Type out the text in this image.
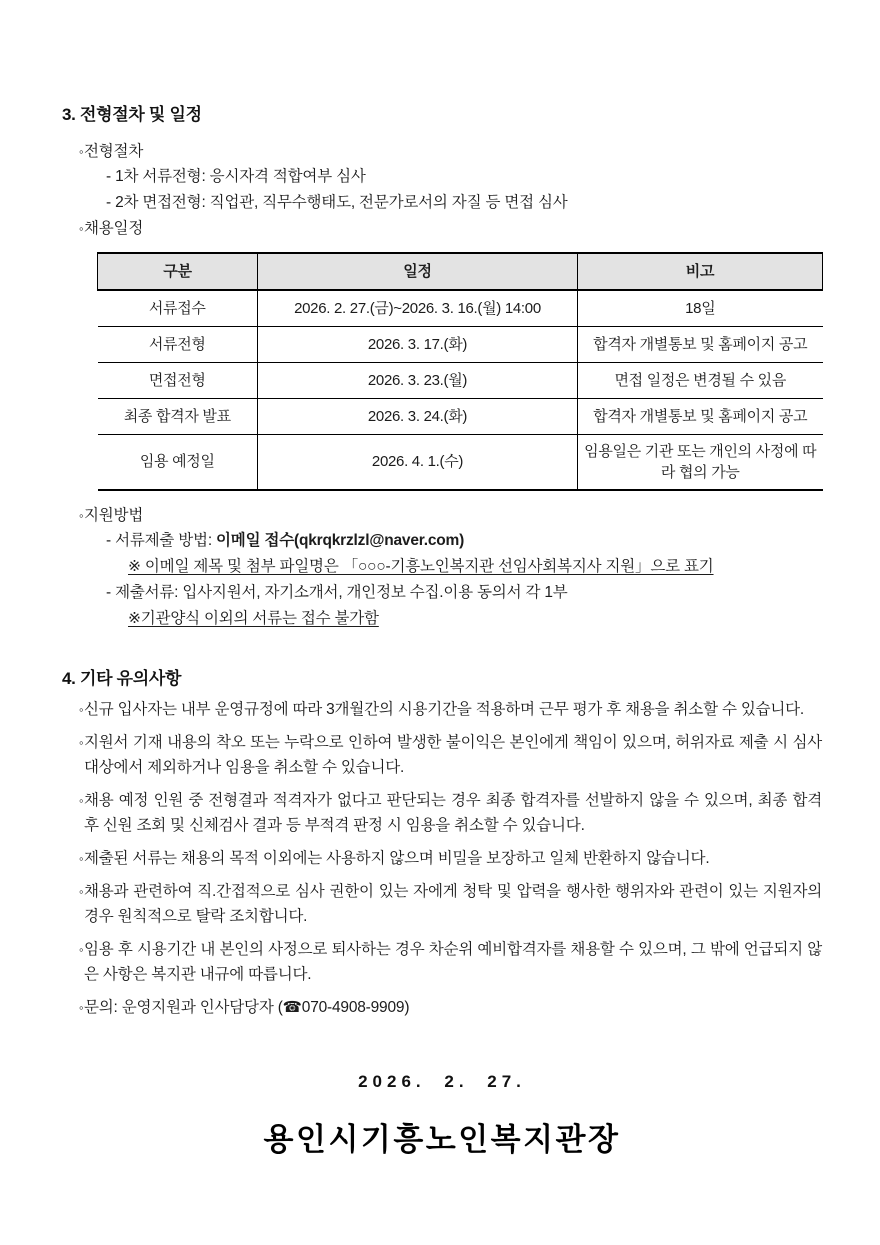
3. 전형절차 및 일정
◦ 전형절차
- 1차 서류전형: 응시자격 적합여부 심사
- 2차 면접전형: 직업관, 직무수행태도, 전문가로서의 자질 등 면접 심사
◦ 채용일정
구분	일정	비고
서류접수	2026. 2. 27.(금)~2026. 3. 16.(월) 14:00	18일
서류전형	2026. 3. 17.(화)	합격자 개별통보 및 홈페이지 공고
면접전형	2026. 3. 23.(월)	면접 일정은 변경될 수 있음
최종 합격자 발표	2026. 3. 24.(화)	합격자 개별통보 및 홈페이지 공고
임용 예정일	2026. 4. 1.(수)	임용일은 기관 또는 개인의 사정에 따라 협의 가능
◦ 지원방법
- 서류제출 방법: 이메일 접수(qkrqkrzlzl@naver.com)
※ 이메일 제목 및 첨부 파일명은 「○○○-기흥노인복지관 선임사회복지사 지원」으로 표기
- 제출서류: 입사지원서, 자기소개서, 개인정보 수집.이용 동의서 각 1부
※기관양식 이외의 서류는 접수 불가함
4. 기타 유의사항
◦ 신규 입사자는 내부 운영규정에 따라 3개월간의 시용기간을 적용하며 근무 평가 후 채용을 취소할 수 있습니다.
◦ 지원서 기재 내용의 착오 또는 누락으로 인하여 발생한 불이익은 본인에게 책임이 있으며, 허위자료 제출 시 심사대상에서 제외하거나 임용을 취소할 수 있습니다.
◦ 채용 예정 인원 중 전형결과 적격자가 없다고 판단되는 경우 최종 합격자를 선발하지 않을 수 있으며, 최종 합격 후 신원 조회 및 신체검사 결과 등 부적격 판정 시 임용을 취소할 수 있습니다.
◦ 제출된 서류는 채용의 목적 이외에는 사용하지 않으며 비밀을 보장하고 일체 반환하지 않습니다.
◦ 채용과 관련하여 직.간접적으로 심사 권한이 있는 자에게 청탁 및 압력을 행사한 행위자와 관련이 있는 지원자의 경우 원칙적으로 탈락 조치합니다.
◦ 임용 후 시용기간 내 본인의 사정으로 퇴사하는 경우 차순위 예비합격자를 채용할 수 있으며, 그 밖에 언급되지 않은 사항은 복지관 내규에 따릅니다.
◦ 문의: 운영지원과 인사담당자 (☎070-4908-9909)
2026. 2. 27.
용인시기흥노인복지관장
